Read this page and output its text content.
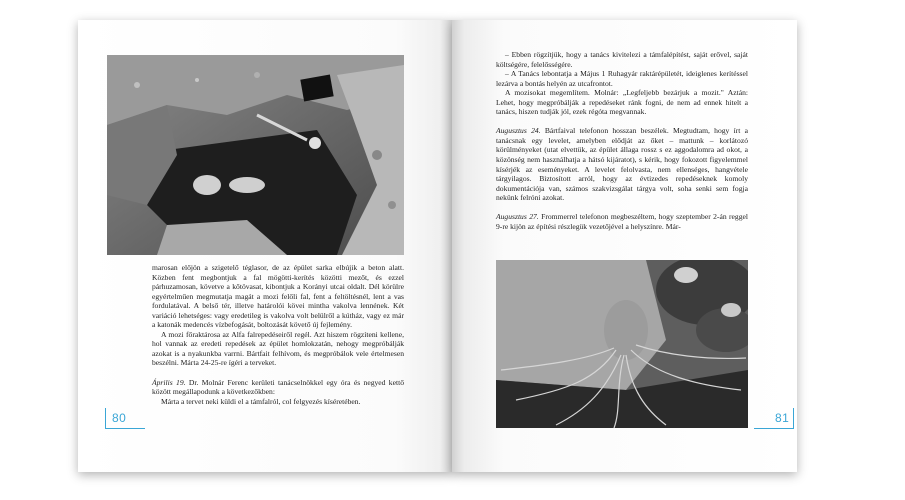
marosan előjön a szigetelő téglasor, de az épület sarka elbújik a beton alatt. Közben fent megbontjuk a fal mögötti-kerítés közötti mezőt, és ezzel párhuzamosan, követve a kőtövasat, kibontjuk a Korányi utcai oldalt. Dél körülre egyértelműen megmutatja magát a mozi felőli fal, fent a feltöltésnél, lent a vas fordulatával. A belső tér, illetve határolói kövei mintha vakolva lennének. Két variáció lehetséges: vagy eredetileg is vakolva volt belülről a kútház, vagy ez már a katonák medencés vízbefogását, boltozását követő új fejlemény.

A mozi főraktárosa az Alfa falrepedéseiről regél. Azt hiszem rögzíteni kellene, hol vannak az eredeti repedések az épület homlokzatán, nehogy megpróbálják azokat is a nyakunkba varrni. Bártfait felhívom, és megpróbálok vele értelmesen beszélni. Márta 24-25-re ígéri a terveket.

Április 19. Dr. Molnár Ferenc kerületi tanácselnökkel egy óra és negyed kettő között megállapodunk a következőkben:

Márta a tervet neki küldi el a támfalról, col felgyezés kíséretében.

80

– Ebben rögzítjük, hogy a tanács kivitelezi a támfalépítést, saját erővel, saját költségére, felelősségére.

– A Tanács lebontatja a Május 1 Ruhagyár raktárépületét, ideiglenes kerítéssel lezárva a bontás helyén az utcafrontot.

A mozisokat megemlítem. Molnár: „Legfeljebb bezárjuk a mozit." Aztán: Lehet, hogy megpróbálják a repedéseket ránk fogni, de nem ad ennek hitelt a tanács, hiszen tudják jól, ezek régóta megvannak.

Augusztus 24. Bártfaival telefonon hosszan beszélek. Megtudtam, hogy írt a tanácsnak egy levelet, amelyben elődját az őket – mattunk – korlátozó körülményeket (utat elvettük, az épület állaga rossz s ez aggodalomra ad okot, a közönség nem használhatja a hátsó kijáratot), s kérik, hogy fokozott figyelemmel kísérjék az eseményeket. A levelet felolvasta, nem ellenséges, hangvétele tárgyilagos. Biztosított arról, hogy az évtizedes repedéseknek komoly dokumentációja van, számos szakvizsgálat tárgya volt, soha senki sem fogja nekünk felróni azokat.

Augusztus 27. Frommerrel telefonon megbeszéltem, hogy szeptember 2-án reggel 9-re kijön az építési részlegük vezetőjével a helyszínre. Már-

81
